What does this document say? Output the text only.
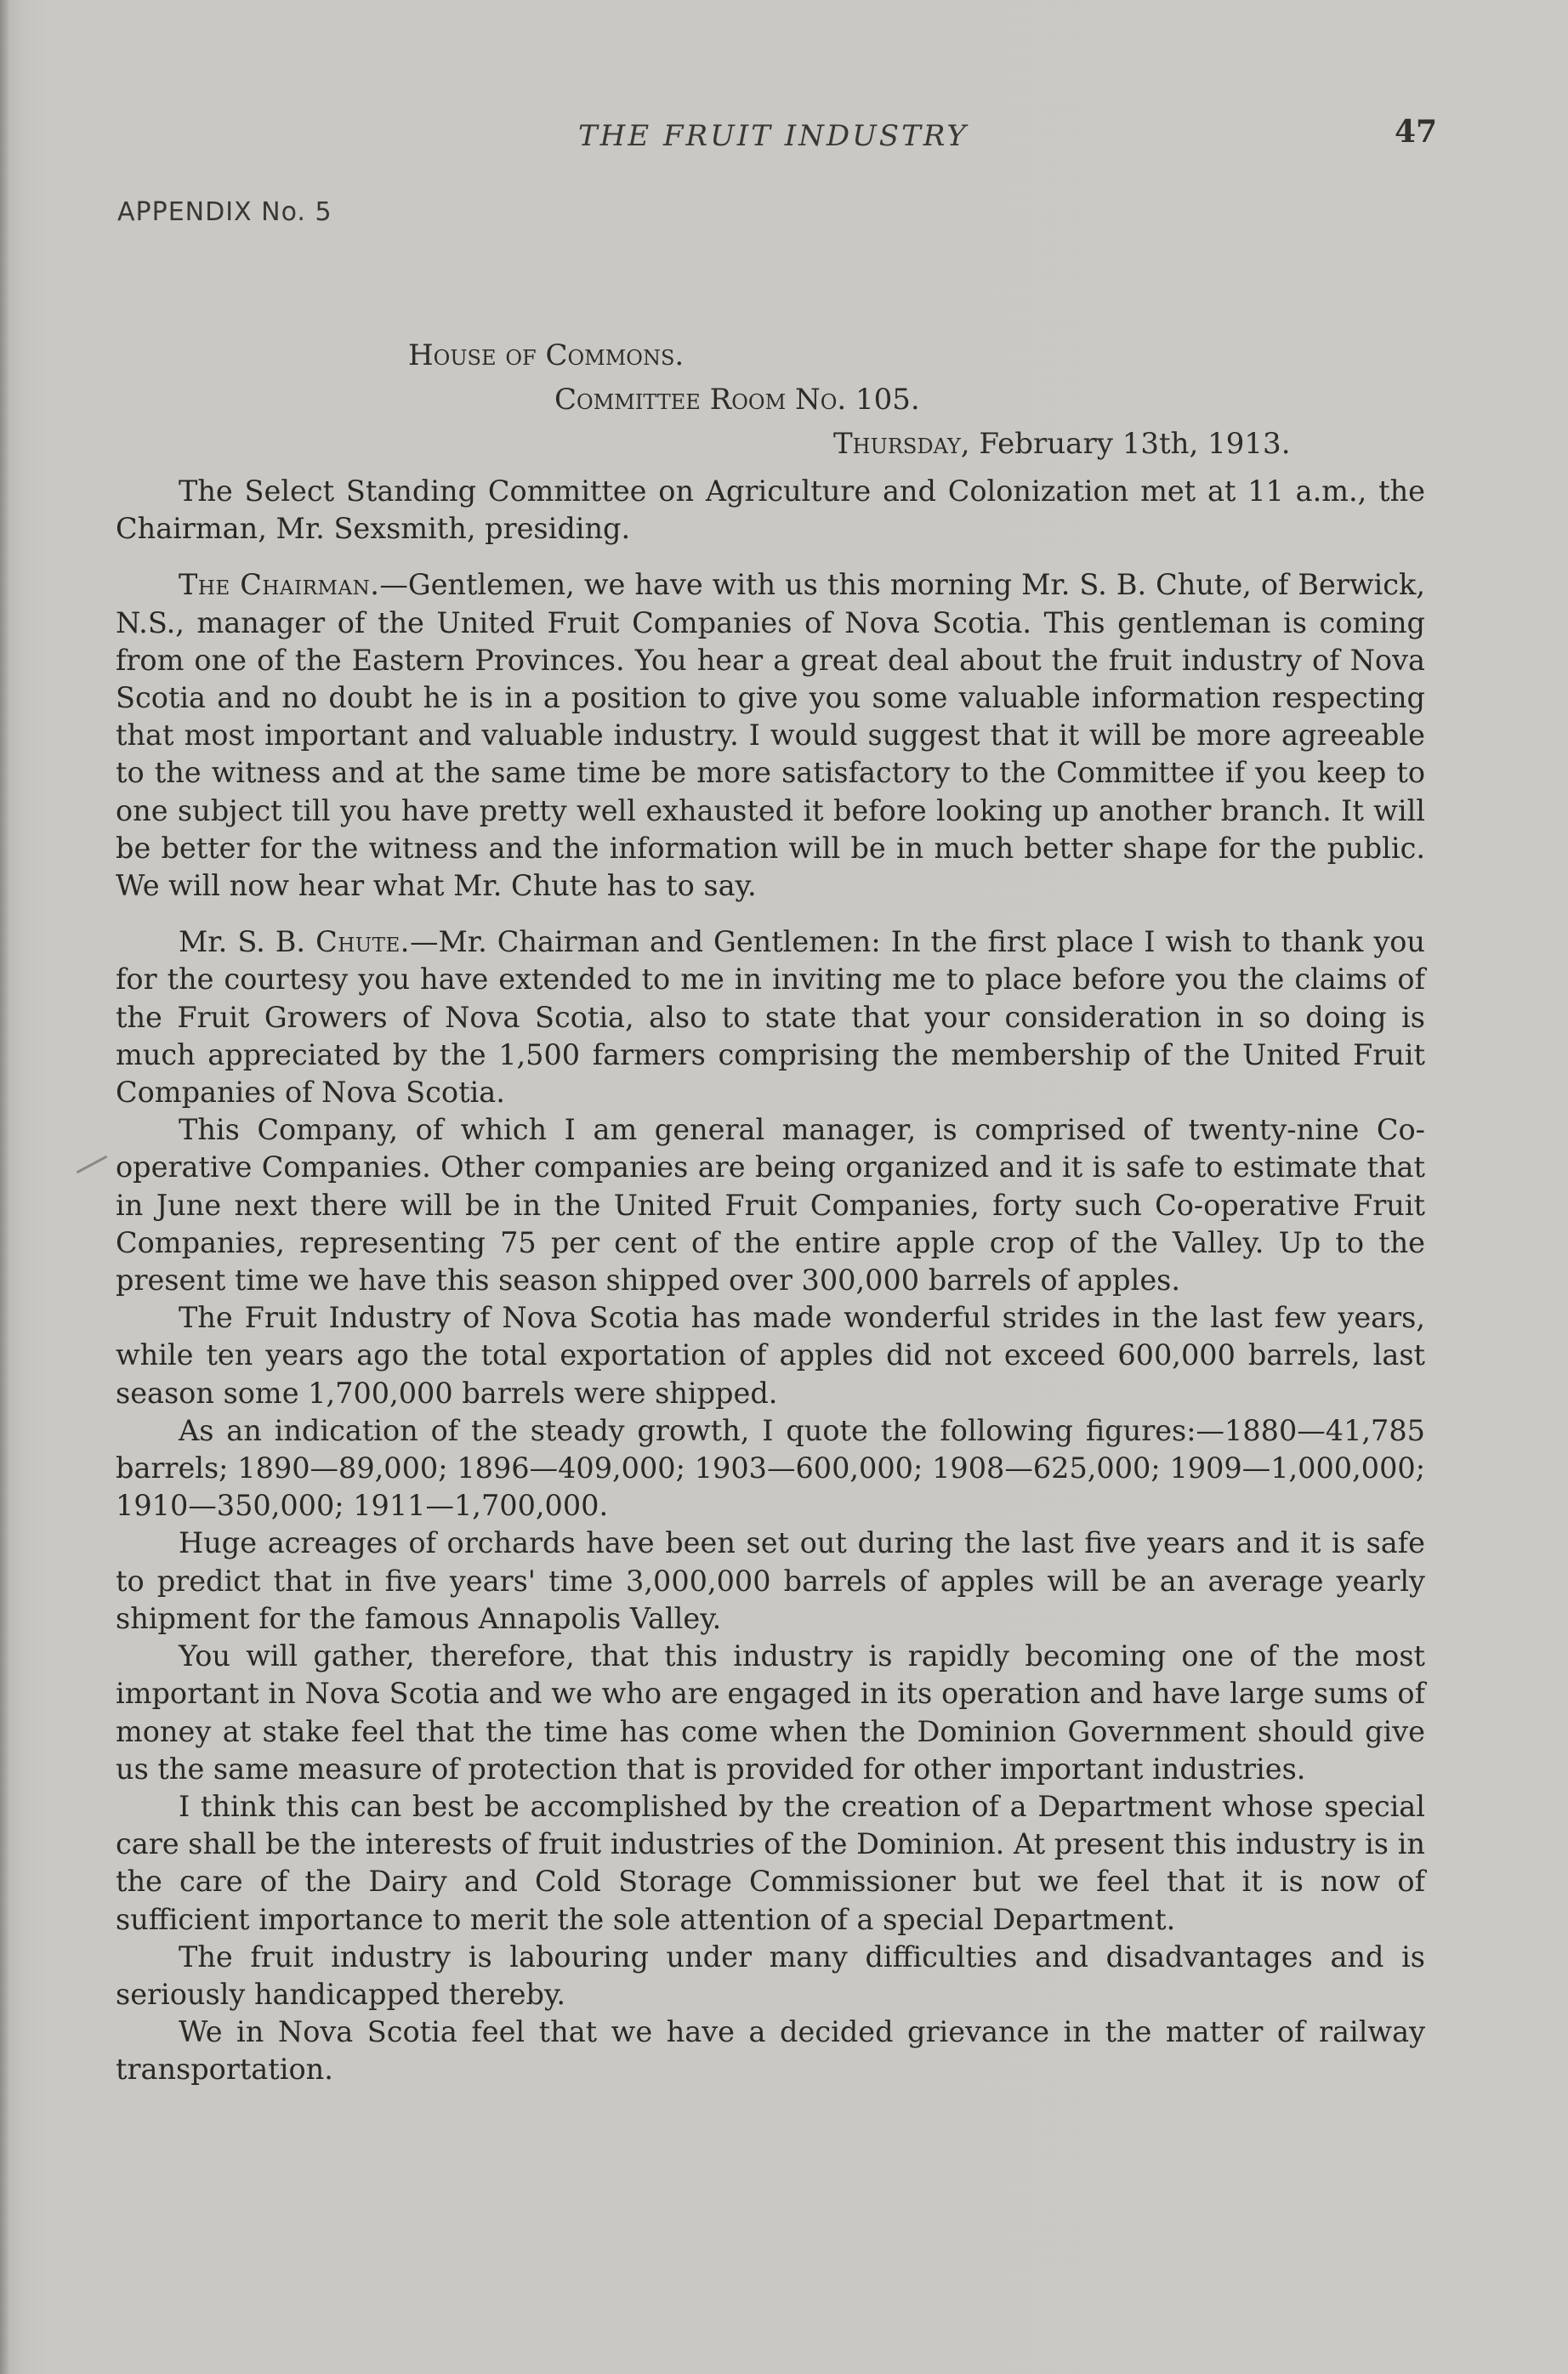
THE FRUIT INDUSTRY	47
APPENDIX No. 5
House of Commons.
Committee Room No. 105.
Thursday, February 13th, 1913.

The Select Standing Committee on Agriculture and Colonization met at 11 a.m., the Chairman, Mr. Sexsmith, presiding.

The Chairman.—Gentlemen, we have with us this morning Mr. S. B. Chute, of Berwick, N.S., manager of the United Fruit Companies of Nova Scotia. This gentleman is coming from one of the Eastern Provinces. You hear a great deal about the fruit industry of Nova Scotia and no doubt he is in a position to give you some valuable information respecting that most important and valuable industry. I would suggest that it will be more agreeable to the witness and at the same time be more satisfactory to the Committee if you keep to one subject till you have pretty well exhausted it before looking up another branch. It will be better for the witness and the information will be in much better shape for the public. We will now hear what Mr. Chute has to say.

Mr. S. B. Chute.—Mr. Chairman and Gentlemen: In the first place I wish to thank you for the courtesy you have extended to me in inviting me to place before you the claims of the Fruit Growers of Nova Scotia, also to state that your consideration in so doing is much appreciated by the 1,500 farmers comprising the membership of the United Fruit Companies of Nova Scotia.

This Company, of which I am general manager, is comprised of twenty-nine Co-operative Companies. Other companies are being organized and it is safe to estimate that in June next there will be in the United Fruit Companies, forty such Co-operative Fruit Companies, representing 75 per cent of the entire apple crop of the Valley. Up to the present time we have this season shipped over 300,000 barrels of apples.

The Fruit Industry of Nova Scotia has made wonderful strides in the last few years, while ten years ago the total exportation of apples did not exceed 600,000 barrels, last season some 1,700,000 barrels were shipped.

As an indication of the steady growth, I quote the following figures:—1880—41,785 barrels; 1890—89,000; 1896—409,000; 1903—600,000; 1908—625,000; 1909—1,000,000; 1910—350,000; 1911—1,700,000.

Huge acreages of orchards have been set out during the last five years and it is safe to predict that in five years' time 3,000,000 barrels of apples will be an average yearly shipment for the famous Annapolis Valley.

You will gather, therefore, that this industry is rapidly becoming one of the most important in Nova Scotia and we who are engaged in its operation and have large sums of money at stake feel that the time has come when the Dominion Government should give us the same measure of protection that is provided for other important industries.

I think this can best be accomplished by the creation of a Department whose special care shall be the interests of fruit industries of the Dominion. At present this industry is in the care of the Dairy and Cold Storage Commissioner but we feel that it is now of sufficient importance to merit the sole attention of a special Department.

The fruit industry is labouring under many difficulties and disadvantages and is seriously handicapped thereby.

We in Nova Scotia feel that we have a decided grievance in the matter of railway transportation.
